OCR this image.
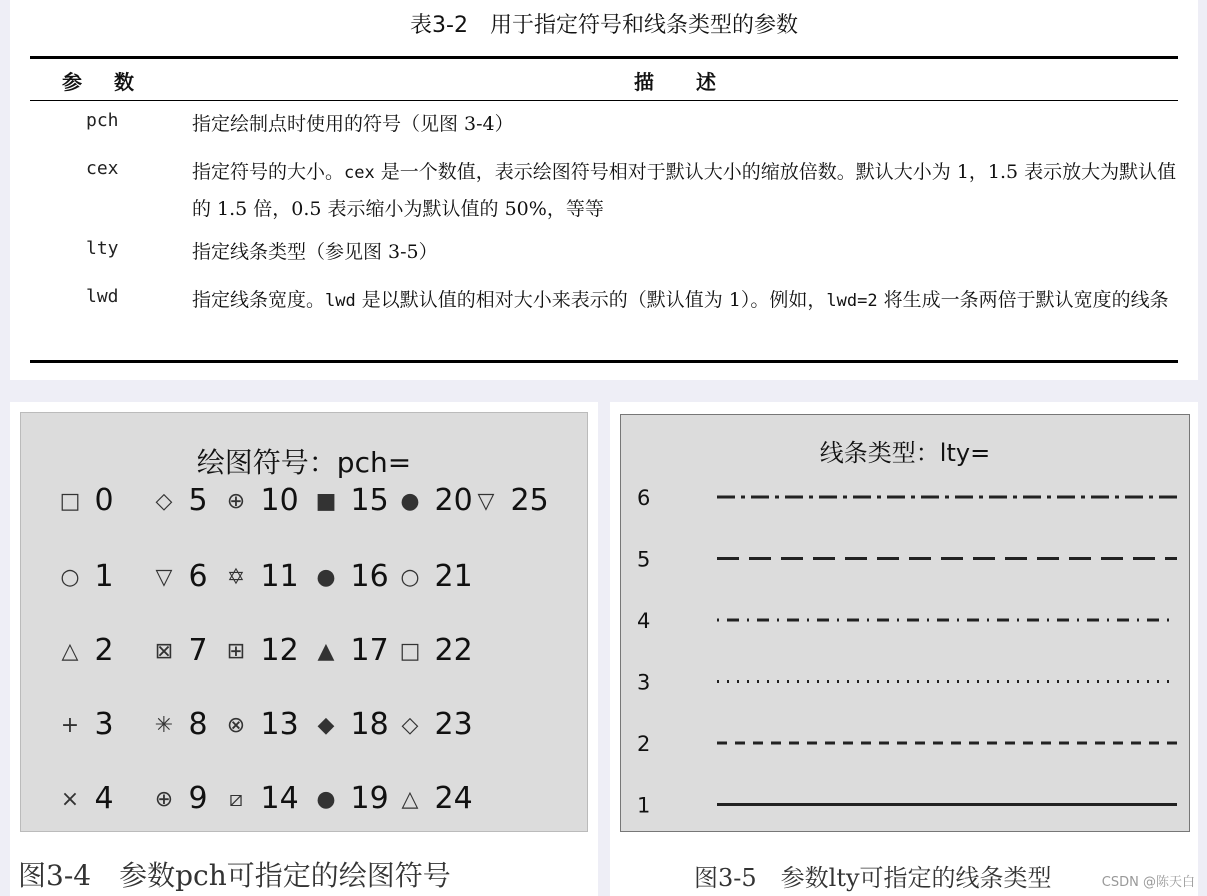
表3-2　用于指定符号和线条类型的参数
参数	描述
pch	指定绘制点时使用的符号（见图 3-4）
cex	指定符号的大小。cex 是一个数值，表示绘图符号相对于默认大小的缩放倍数。默认大小为 1，1.5 表示放大为默认值的 1.5 倍，0.5 表示缩小为默认值的 50%，等等
lty	指定线条类型（参见图 3-5）
lwd	指定线条宽度。lwd 是以默认值的相对大小来表示的（默认值为 1）。例如，lwd=2 将生成一条两倍于默认宽度的线条
绘图符号：pch=
□ 0 ◇ 5 ⊕ 10 ■ 15 ● 20 ▽ 25
○ 1 ▽ 6 ✡ 11 ● 16 ○ 21
△ 2 ⊠ 7 ⊞ 12 ▲ 17 □ 22
+ 3 ✳ 8 ⊗ 13 ◆ 18 ◇ 23
× 4 ⊕ 9 ⧄ 14 ● 19 △ 24
图3-4　参数pch可指定的绘图符号
线条类型：lty=
6
5
4
3
2
1
图3-5　参数lty可指定的线条类型	CSDN @陈天白
